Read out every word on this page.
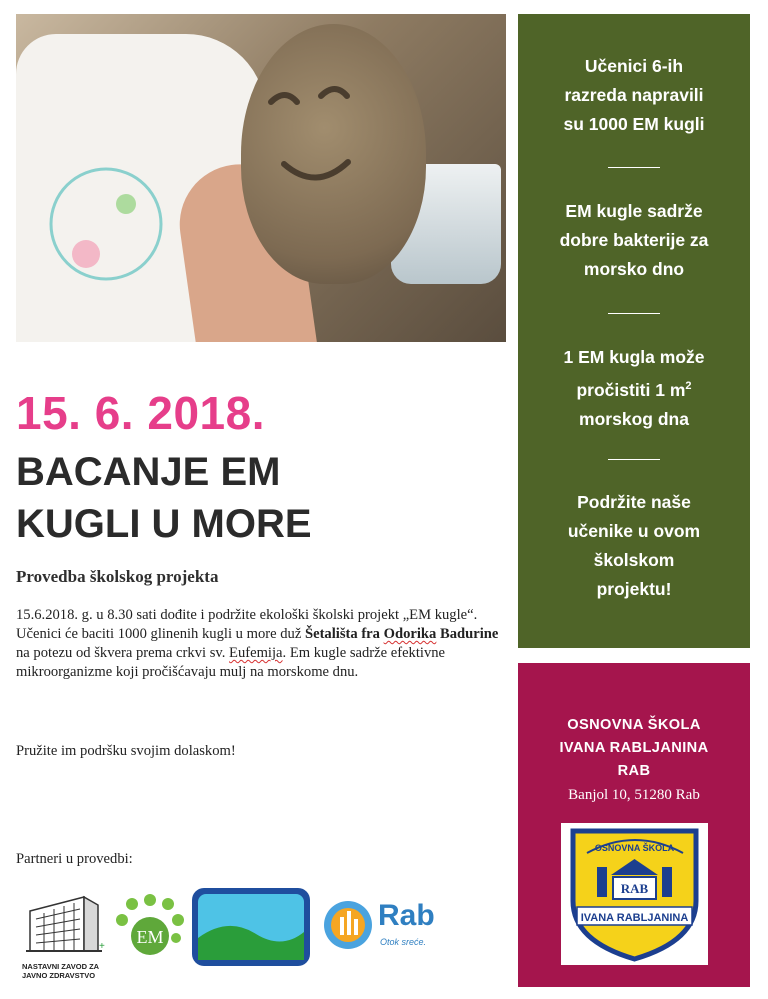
15. 6. 2018.
BACANJE EM
KUGLI U MORE
Provedba školskog projekta
15.6.2018. g. u 8.30 sati dođite i podržite ekološki školski projekt „EM kugle“. Učenici će baciti 1000 glinenih kugli u more duž Šetališta fra Odorika Badurine na potezu od škvera prema crkvi sv. Eufemija. Em kugle sadrže efektivne mikroorganizme koji pročišćavaju mulj na morskome dnu.
Pružite im podršku svojim dolaskom!
Partneri u provedbi:
+
NASTAVNI ZAVOD ZA
JAVNO ZDRAVSTVO
EM
Rab
Otok sreće.
Učenici 6-ih
razreda napravili
su 1000 EM kugli
EM kugle sadrže
dobre bakterije za
morsko dno
1 EM kugla može
pročistiti 1 $m^2$
morskog dna
Podržite naše
učenike u ovom
školskom
projektu!
OSNOVNA ŠKOLA
IVANA RABLJANINA
RAB
Banjol 10, 51280 Rab
OSNOVNA ŠKOLA
RAB
IVANA RABLJANINA
